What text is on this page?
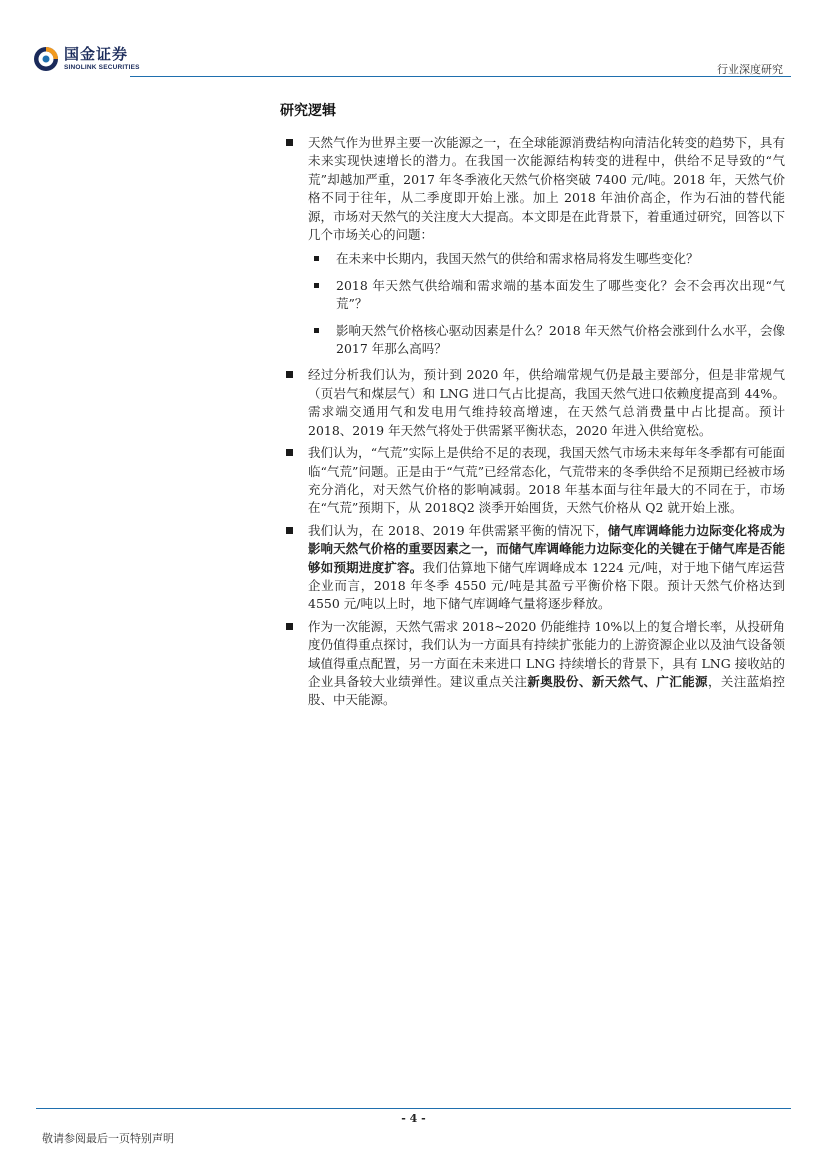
国金证券
SINOLINK SECURITIES	行业深度研究
研究逻辑
天然气作为世界主要一次能源之一，在全球能源消费结构向清洁化转变的趋势下，具有未来实现快速增长的潜力。在我国一次能源结构转变的进程中，供给不足导致的“气荒”却越加严重，2017 年冬季液化天然气价格突破 7400 元/吨。2018 年，天然气价格不同于往年，从二季度即开始上涨。加上 2018 年油价高企，作为石油的替代能源，市场对天然气的关注度大大提高。本文即是在此背景下，着重通过研究，回答以下几个市场关心的问题：
在未来中长期内，我国天然气的供给和需求格局将发生哪些变化？
2018 年天然气供给端和需求端的基本面发生了哪些变化？会不会再次出现“气荒”？
影响天然气价格核心驱动因素是什么？2018 年天然气价格会涨到什么水平，会像 2017 年那么高吗？
经过分析我们认为，预计到 2020 年，供给端常规气仍是最主要部分，但是非常规气（页岩气和煤层气）和 LNG 进口气占比提高，我国天然气进口依赖度提高到 44%。需求端交通用气和发电用气维持较高增速，在天然气总消费量中占比提高。预计 2018、2019 年天然气将处于供需紧平衡状态，2020 年进入供给宽松。
我们认为，“气荒”实际上是供给不足的表现，我国天然气市场未来每年冬季都有可能面临“气荒”问题。正是由于“气荒”已经常态化，气荒带来的冬季供给不足预期已经被市场充分消化，对天然气价格的影响减弱。2018 年基本面与往年最大的不同在于，市场在“气荒”预期下，从 2018Q2 淡季开始囤货，天然气价格从 Q2 就开始上涨。
我们认为，在 2018、2019 年供需紧平衡的情况下，储气库调峰能力边际变化将成为影响天然气价格的重要因素之一，而储气库调峰能力边际变化的关键在于储气库是否能够如预期进度扩容。我们估算地下储气库调峰成本 1224 元/吨，对于地下储气库运营企业而言，2018 年冬季 4550 元/吨是其盈亏平衡价格下限。预计天然气价格达到 4550 元/吨以上时，地下储气库调峰气量将逐步释放。
作为一次能源，天然气需求 2018~2020 仍能维持 10%以上的复合增长率，从投研角度仍值得重点探讨，我们认为一方面具有持续扩张能力的上游资源企业以及油气设备领域值得重点配置，另一方面在未来进口 LNG 持续增长的背景下，具有 LNG 接收站的企业具备较大业绩弹性。建议重点关注新奥股份、新天然气、广汇能源，关注蓝焰控股、中天能源。
- 4 -
敬请参阅最后一页特别声明
